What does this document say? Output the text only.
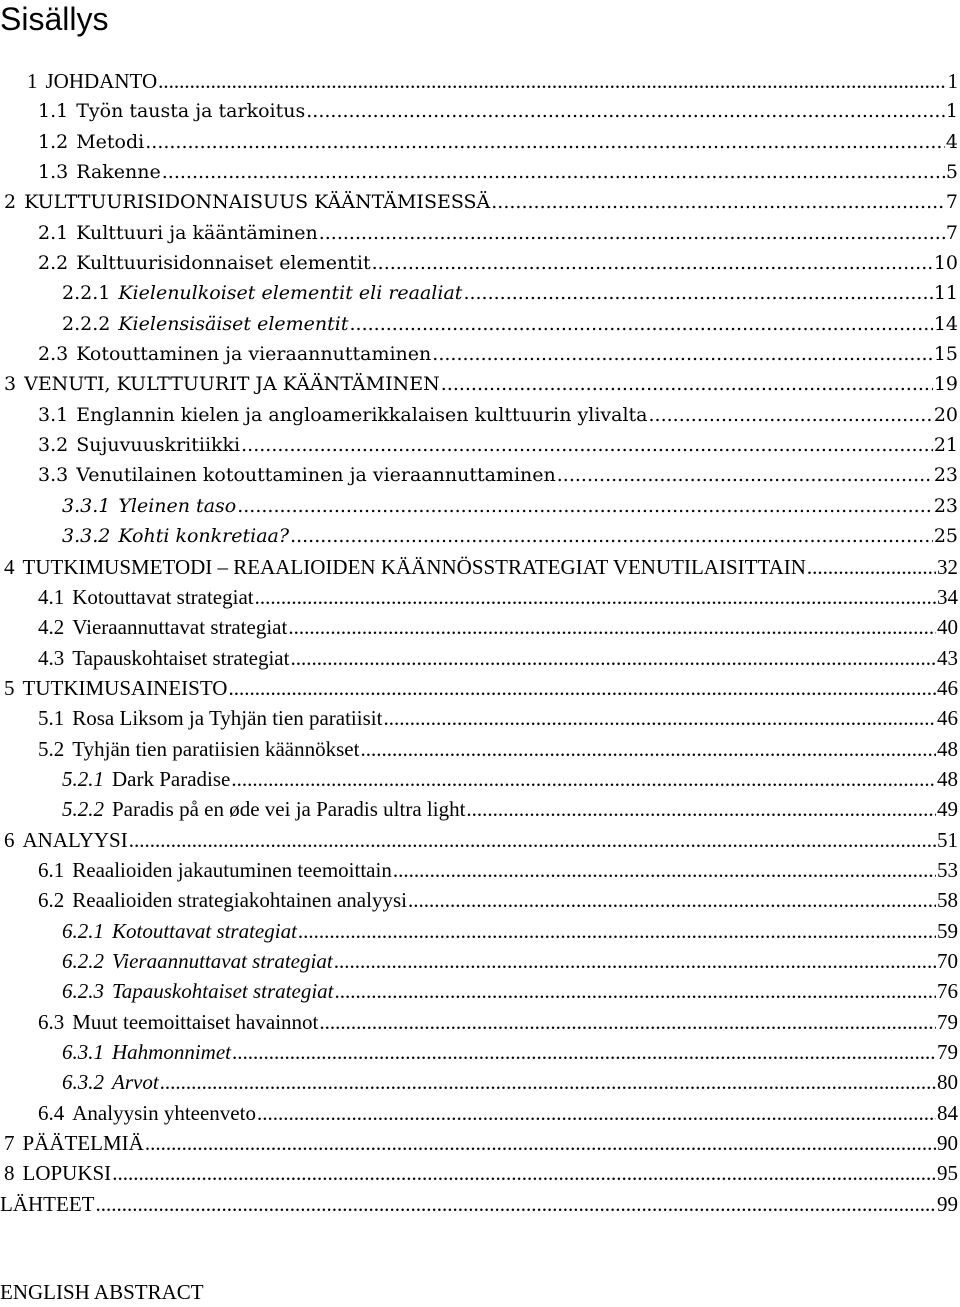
Sisällys
1 JOHDANTO .....	1
1.1 Työn tausta ja tarkoitus .....	1
1.2 Metodi .....	4
1.3 Rakenne .....	5
2 KULTTUURISIDONNAISUUS KÄÄNTÄMISESSÄ .....	7
2.1 Kulttuuri ja kääntäminen .....	7
2.2 Kulttuurisidonnaiset elementit .....	10
2.2.1 Kielenulkoiset elementit eli reaaliat .....	11
2.2.2 Kielensisäiset elementit .....	14
2.3 Kotouttaminen ja vieraannuttaminen .....	15
3 VENUTI, KULTTUURIT JA KÄÄNTÄMINEN .....	19
3.1 Englannin kielen ja angloamerikkalaisen kulttuurin ylivalta .....	20
3.2 Sujuvuuskritiikki .....	21
3.3 Venutilainen kotouttaminen ja vieraannuttaminen .....	23
3.3.1 Yleinen taso .....	23
3.3.2 Kohti konkretiaa? .....	25
4 TUTKIMUSMETODI – REAALIOIDEN KÄÄNNÖSSTRATEGIAT VENUTILAISITTAIN .....	32
4.1 Kotouttavat strategiat .....	34
4.2 Vieraannuttavat strategiat .....	40
4.3 Tapauskohtaiset strategiat .....	43
5 TUTKIMUSAINEISTO .....	46
5.1 Rosa Liksom ja Tyhjän tien paratiisit .....	46
5.2 Tyhjän tien paratiisien käännökset .....	48
5.2.1 Dark Paradise .....	48
5.2.2 Paradis på en øde vei ja Paradis ultra light .....	49
6 ANALYYSI .....	51
6.1 Reaalioiden jakautuminen teemoittain .....	53
6.2 Reaalioiden strategiakohtainen analyysi .....	58
6.2.1 Kotouttavat strategiat .....	59
6.2.2 Vieraannuttavat strategiat .....	70
6.2.3 Tapauskohtaiset strategiat .....	76
6.3 Muut teemoittaiset havainnot .....	79
6.3.1 Hahmonnimet .....	79
6.3.2 Arvot .....	80
6.4 Analyysin yhteenveto .....	84
7 PÄÄTELMIÄ .....	90
8 LOPUKSI .....	95
LÄHTEET .....	99
ENGLISH ABSTRACT
